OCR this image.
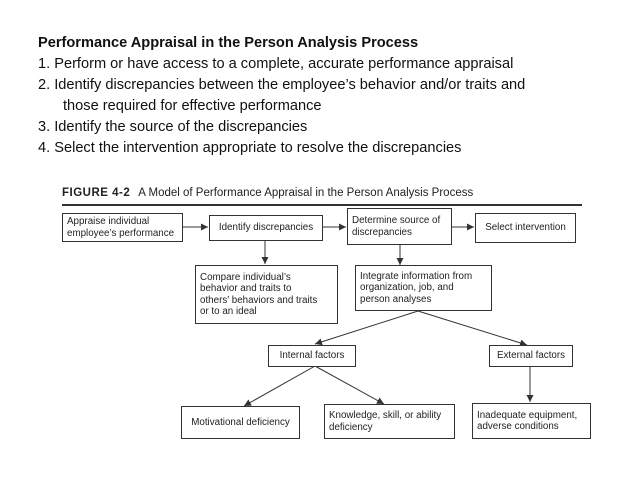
Performance Appraisal in the Person Analysis Process
1. Perform or have access to a complete, accurate performance appraisal
2. Identify discrepancies between the employee’s behavior and/or traits and
those required for effective performance
3. Identify the source of the discrepancies
4. Select the intervention appropriate to resolve the discrepancies
FIGURE 4-2 A Model of Performance Appraisal in the Person Analysis Process
Appraise individual
employee’s performance	Identify discrepancies
Determine source of
discrepancies	Select intervention
Compare individual’s
behavior and traits to
others’ behaviors and traits
or to an ideal
Integrate information from
organization, job, and
person analyses
Internal factors	External factors
Motivational deficiency
Knowledge, skill, or ability
deficiency
Inadequate equipment,
adverse conditions
